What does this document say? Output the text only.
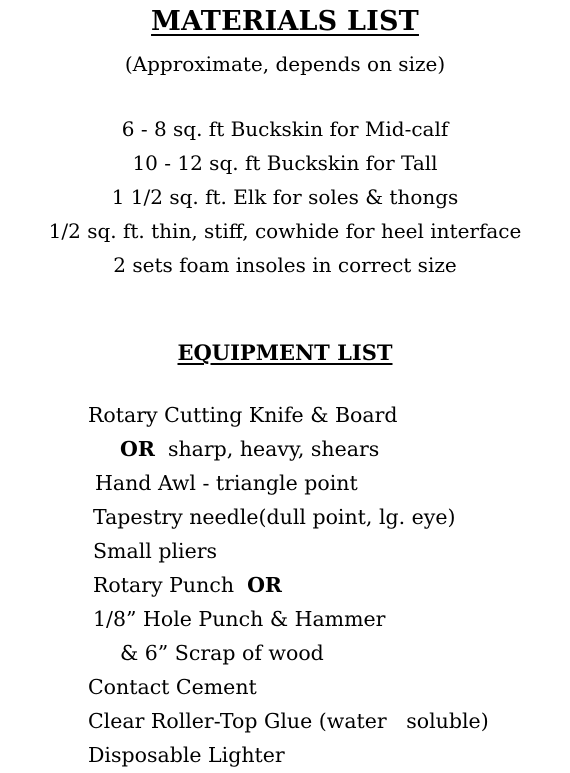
MATERIALS LIST
(Approximate, depends on size)
6 - 8 sq. ft Buckskin for Mid-calf
10 - 12 sq. ft Buckskin for Tall
1 1/2 sq. ft. Elk for soles & thongs
1/2 sq. ft. thin, stiff, cowhide for heel interface
2 sets foam insoles in correct size
EQUIPMENT LIST
Rotary Cutting Knife & Board
OR  sharp, heavy, shears
Hand Awl - triangle point
Tapestry needle(dull point, lg. eye)
Small pliers
Rotary Punch  OR
1/8” Hole Punch & Hammer
& 6” Scrap of wood
Contact Cement
Clear Roller-Top Glue (water   soluble)
Disposable Lighter
